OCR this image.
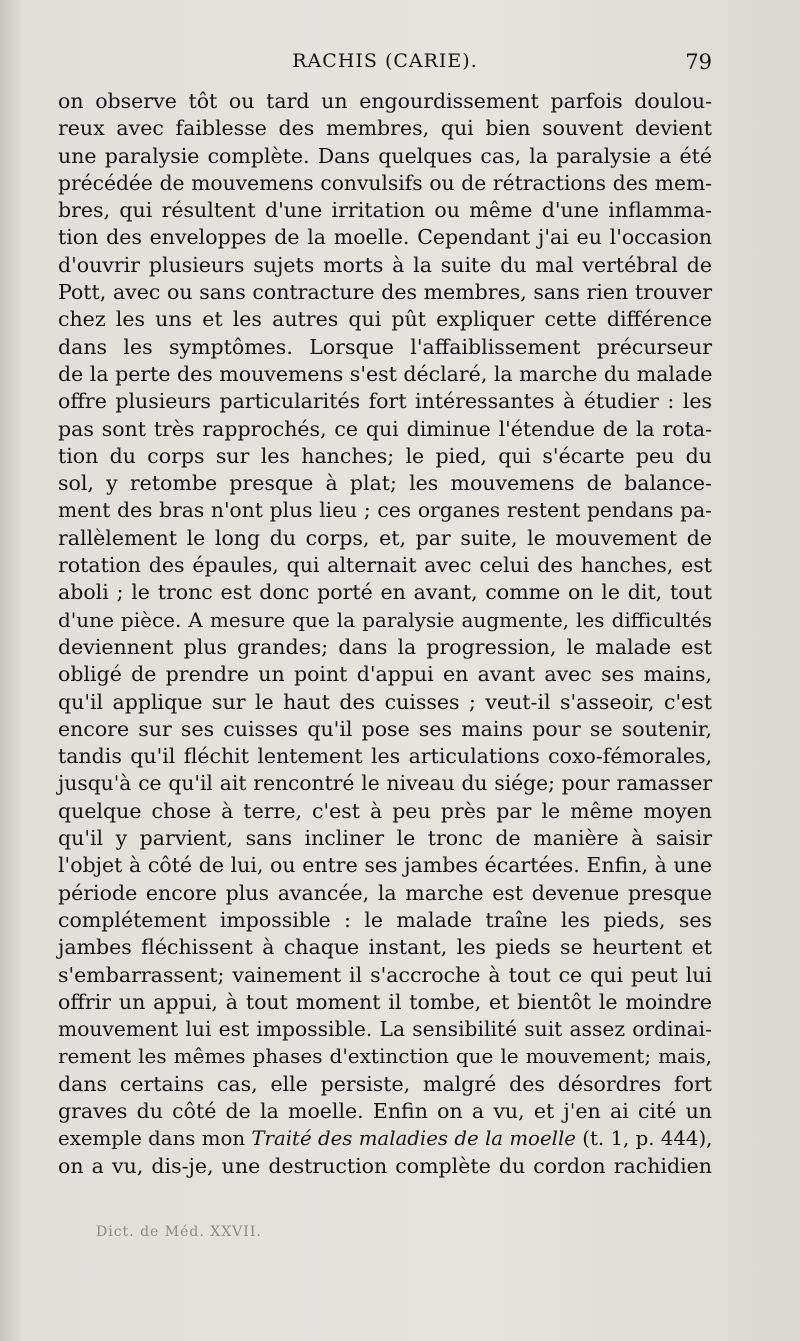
RACHIS (CARIE).	79
on observe tôt ou tard un engourdissement parfois doulou-
reux avec faiblesse des membres, qui bien souvent devient
une paralysie complète. Dans quelques cas, la paralysie a été
précédée de mouvemens convulsifs ou de rétractions des mem-
bres, qui résultent d'une irritation ou même d'une inflamma-
tion des enveloppes de la moelle. Cependant j'ai eu l'occasion
d'ouvrir plusieurs sujets morts à la suite du mal vertébral de
Pott, avec ou sans contracture des membres, sans rien trouver
chez les uns et les autres qui pût expliquer cette différence
dans les symptômes. Lorsque l'affaiblissement précurseur
de la perte des mouvemens s'est déclaré, la marche du malade
offre plusieurs particularités fort intéressantes à étudier : les
pas sont très rapprochés, ce qui diminue l'étendue de la rota-
tion du corps sur les hanches; le pied, qui s'écarte peu du
sol, y retombe presque à plat; les mouvemens de balance-
ment des bras n'ont plus lieu ; ces organes restent pendans pa-
rallèlement le long du corps, et, par suite, le mouvement de
rotation des épaules, qui alternait avec celui des hanches, est
aboli ; le tronc est donc porté en avant, comme on le dit, tout
d'une pièce. A mesure que la paralysie augmente, les difficultés
deviennent plus grandes; dans la progression, le malade est
obligé de prendre un point d'appui en avant avec ses mains,
qu'il applique sur le haut des cuisses ; veut-il s'asseoir, c'est
encore sur ses cuisses qu'il pose ses mains pour se soutenir,
tandis qu'il fléchit lentement les articulations coxo-fémorales,
jusqu'à ce qu'il ait rencontré le niveau du siége; pour ramasser
quelque chose à terre, c'est à peu près par le même moyen
qu'il y parvient, sans incliner le tronc de manière à saisir
l'objet à côté de lui, ou entre ses jambes écartées. Enfin, à une
période encore plus avancée, la marche est devenue presque
complétement impossible : le malade traîne les pieds, ses
jambes fléchissent à chaque instant, les pieds se heurtent et
s'embarrassent; vainement il s'accroche à tout ce qui peut lui
offrir un appui, à tout moment il tombe, et bientôt le moindre
mouvement lui est impossible. La sensibilité suit assez ordinai-
rement les mêmes phases d'extinction que le mouvement; mais,
dans certains cas, elle persiste, malgré des désordres fort
graves du côté de la moelle. Enfin on a vu, et j'en ai cité un
exemple dans mon Traité des maladies de la moelle (t. 1, p. 444),
on a vu, dis-je, une destruction complète du cordon rachidien
Dict. de Méd. XXVII.
